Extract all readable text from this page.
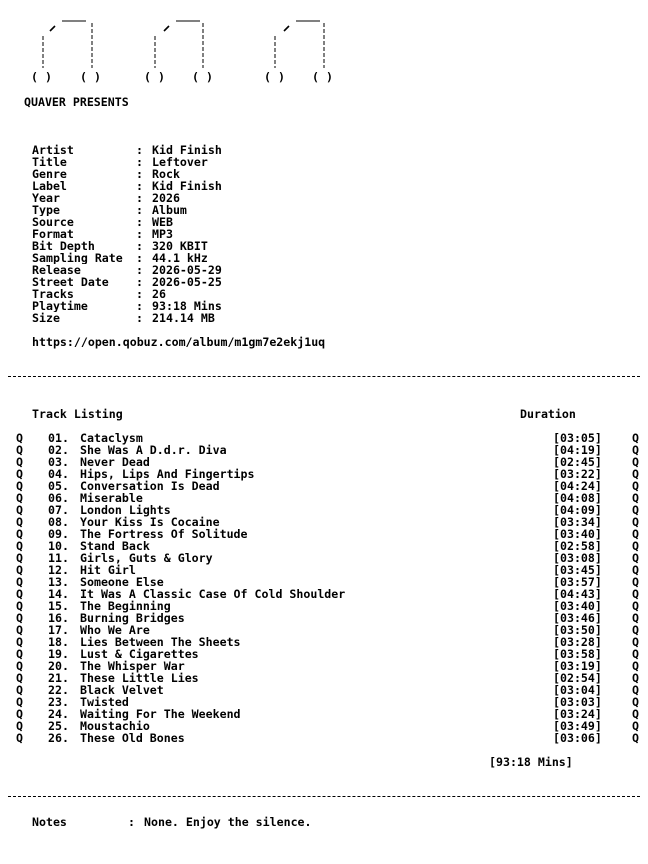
( ) ( )	( ) ( )	( ) ( )
QUAVER PRESENTS
Artist	: Kid Finish
Title	: Leftover
Genre	: Rock
Label	: Kid Finish
Year	: 2026
Type	: Album
Source	: WEB
Format	: MP3
Bit Depth	: 320 KBIT
Sampling Rate	: 44.1 kHz
Release	: 2026-05-29
Street Date	: 2026-05-25
Tracks	: 26
Playtime	: 93:18 Mins
Size	: 214.14 MB
https://open.qobuz.com/album/m1gm7e2ekj1uq
Track Listing	Duration
Q 01. Cataclysm	[03:05]	Q
Q 02. She Was A D.d.r. Diva	[04:19]	Q
Q 03. Never Dead	[02:45]	Q
Q 04. Hips, Lips And Fingertips	[03:22]	Q
Q 05. Conversation Is Dead	[04:24]	Q
Q 06. Miserable	[04:08]	Q
Q 07. London Lights	[04:09]	Q
Q 08. Your Kiss Is Cocaine	[03:34]	Q
Q 09. The Fortress Of Solitude	[03:40]	Q
Q 10. Stand Back	[02:58]	Q
Q 11. Girls, Guts & Glory	[03:08]	Q
Q 12. Hit Girl	[03:45]	Q
Q 13. Someone Else	[03:57]	Q
Q 14. It Was A Classic Case Of Cold Shoulder	[04:43]	Q
Q 15. The Beginning	[03:40]	Q
Q 16. Burning Bridges	[03:46]	Q
Q 17. Who We Are	[03:50]	Q
Q 18. Lies Between The Sheets	[03:28]	Q
Q 19. Lust & Cigarettes	[03:58]	Q
Q 20. The Whisper War	[03:19]	Q
Q 21. These Little Lies	[02:54]	Q
Q 22. Black Velvet	[03:04]	Q
Q 23. Twisted	[03:03]	Q
Q 24. Waiting For The Weekend	[03:24]	Q
Q 25. Moustachio	[03:49]	Q
Q 26. These Old Bones	[03:06]	Q
[93:18 Mins]
Notes	: None. Enjoy the silence.
